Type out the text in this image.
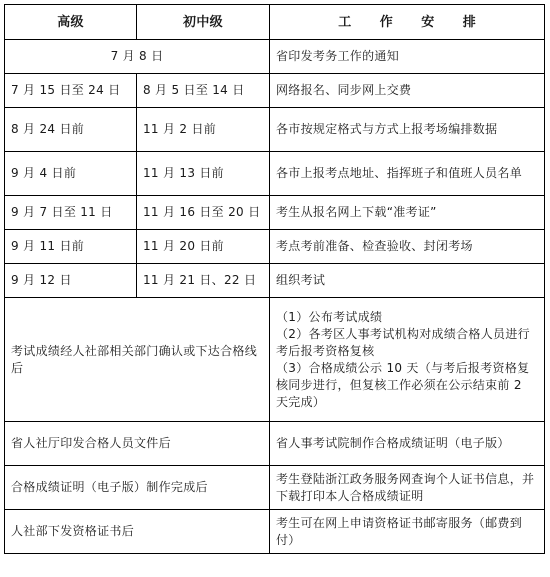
高级	初中级	工 作 安 排
7 月 8 日		省印发考务工作的通知
7 月 15 日至 24 日	8 月 5 日至 14 日	网络报名、同步网上交费
8 月 24 日前	11 月 2 日前	各市按规定格式与方式上报考场编排数据
9 月 4 日前	11 月 13 日前	各市上报考点地址、指挥班子和值班人员名单
9 月 7 日至 11 日	11 月 16 日至 20 日	考生从报名网上下载“准考证”
9 月 11 日前	11 月 20 日前	考点考前准备、检查验收、封闭考场
9 月 12 日	11 月 21 日、22 日	组织考试
考试成绩经人社部相关部门确认或下达合格线后		（1）公布考试成绩
（2）各考区人事考试机构对成绩合格人员进行考后报考资格复核
（3）合格成绩公示 10 天（与考后报考资格复核同步进行，但复核工作必须在公示结束前 2 天完成）

省人社厅印发合格人员文件后		省人事考试院制作合格成绩证明（电子版）
合格成绩证明（电子版）制作完成后		考生登陆浙江政务服务网查询个人证书信息，并下载打印本人合格成绩证明
人社部下发资格证书后		考生可在网上申请资格证书邮寄服务（邮费到付）
